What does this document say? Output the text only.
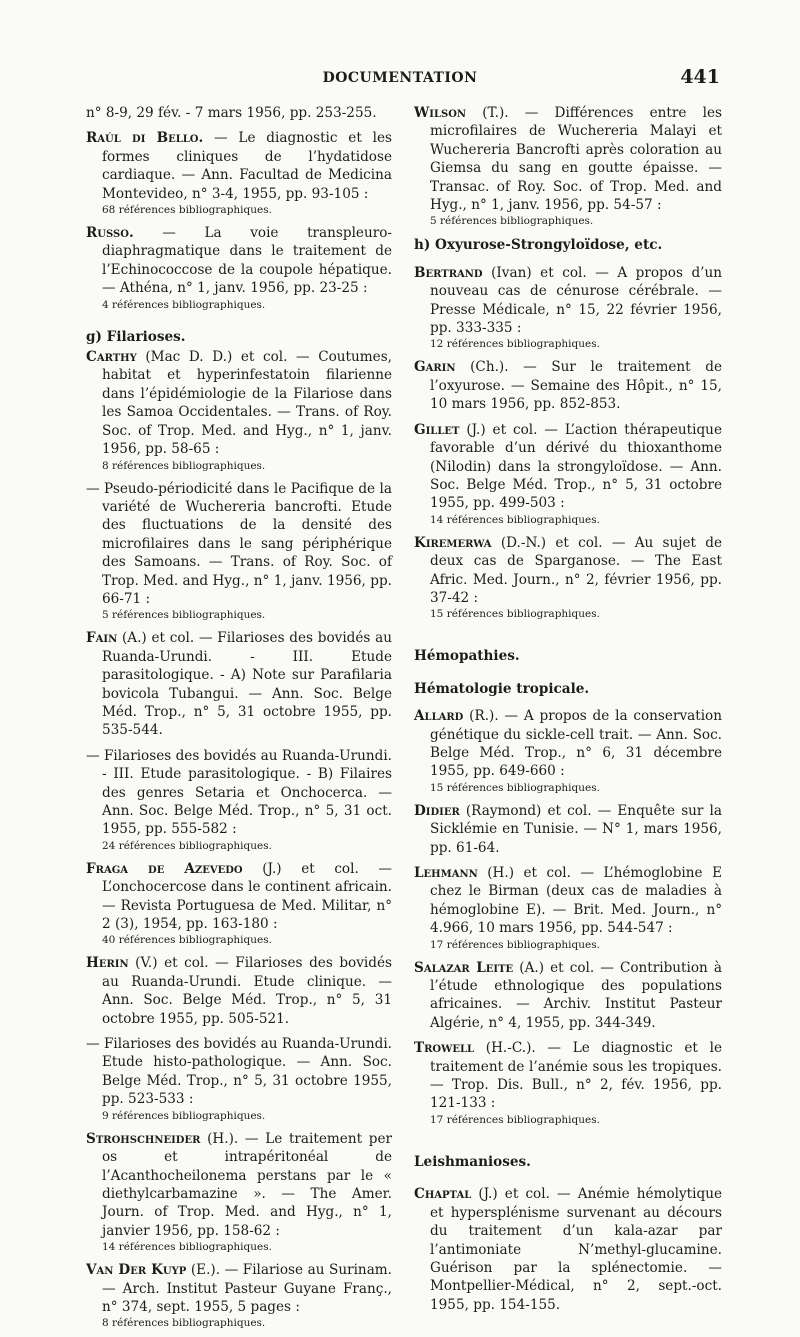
DOCUMENTATION	441
n° 8-9, 29 fév. - 7 mars 1956, pp. 253-255.
Raúl di Bello. — Le diagnostic et les formes cliniques de l’hydatidose cardiaque. — Ann. Facultad de Medicina Montevideo, n° 3-4, 1955, pp. 93-105 :
68 références bibliographiques.
Russo. — La voie transpleuro-diaphragmatique dans le traitement de l’Echinococcose de la coupole hépatique. — Athéna, n° 1, janv. 1956, pp. 23-25 :
4 références bibliographiques.
g) Filarioses.
Carthy (Mac D. D.) et col. — Coutumes, habitat et hyperinfestatoin filarienne dans l’épidémiologie de la Filariose dans les Samoa Occidentales. — Trans. of Roy. Soc. of Trop. Med. and Hyg., n° 1, janv. 1956, pp. 58-65 :
8 références bibliographiques.
— Pseudo-périodicité dans le Pacifique de la variété de Wuchereria bancrofti. Etude des fluctuations de la densité des microfilaires dans le sang périphérique des Samoans. — Trans. of Roy. Soc. of Trop. Med. and Hyg., n° 1, janv. 1956, pp. 66-71 :
5 références bibliographiques.
Fain (A.) et col. — Filarioses des bovidés au Ruanda-Urundi. - III. Etude parasitologique. - A) Note sur Parafilaria bovicola Tubangui. — Ann. Soc. Belge Méd. Trop., n° 5, 31 octobre 1955, pp. 535-544.
— Filarioses des bovidés au Ruanda-Urundi. - III. Etude parasitologique. - B) Filaires des genres Setaria et Onchocerca. — Ann. Soc. Belge Méd. Trop., n° 5, 31 oct. 1955, pp. 555-582 :
24 références bibliographiques.
Fraga de Azevedo (J.) et col. — L’onchocercose dans le continent africain. — Revista Portuguesa de Med. Militar, n° 2 (3), 1954, pp. 163-180 :
40 références bibliographiques.
Herin (V.) et col. — Filarioses des bovidés au Ruanda-Urundi. Etude clinique. — Ann. Soc. Belge Méd. Trop., n° 5, 31 octobre 1955, pp. 505-521.
— Filarioses des bovidés au Ruanda-Urundi. Etude histo-pathologique. — Ann. Soc. Belge Méd. Trop., n° 5, 31 octobre 1955, pp. 523-533 :
9 références bibliographiques.
Strohschneider (H.). — Le traitement per os et intrapéritonéal de l’Acanthocheilonema perstans par le « diethylcarbamazine ». — The Amer. Journ. of Trop. Med. and Hyg., n° 1, janvier 1956, pp. 158-62 :
14 références bibliographiques.
Van Der Kuyp (E.). — Filariose au Surinam. — Arch. Institut Pasteur Guyane Franç., n° 374, sept. 1955, 5 pages :
8 références bibliographiques.
Wilson (T.). — Différences entre les microfilaires de Wuchereria Malayi et Wuchereria Bancrofti après coloration au Giemsa du sang en goutte épaisse. — Transac. of Roy. Soc. of Trop. Med. and Hyg., n° 1, janv. 1956, pp. 54-57 :
5 références bibliographiques.
h) Oxyurose-Strongyloïdose, etc.
Bertrand (Ivan) et col. — A propos d’un nouveau cas de cénurose cérébrale. — Presse Médicale, n° 15, 22 février 1956, pp. 333-335 :
12 références bibliographiques.
Garin (Ch.). — Sur le traitement de l’oxyurose. — Semaine des Hôpit., n° 15, 10 mars 1956, pp. 852-853.
Gillet (J.) et col. — L’action thérapeutique favorable d’un dérivé du thioxanthome (Nilodin) dans la strongyloïdose. — Ann. Soc. Belge Méd. Trop., n° 5, 31 octobre 1955, pp. 499-503 :
14 références bibliographiques.
Kiremerwa (D.-N.) et col. — Au sujet de deux cas de Sparganose. — The East Afric. Med. Journ., n° 2, février 1956, pp. 37-42 :
15 références bibliographiques.
Hémopathies.
Hématologie tropicale.
Allard (R.). — A propos de la conservation génétique du sickle-cell trait. — Ann. Soc. Belge Méd. Trop., n° 6, 31 décembre 1955, pp. 649-660 :
15 références bibliographiques.
Didier (Raymond) et col. — Enquête sur la Sicklémie en Tunisie. — N° 1, mars 1956, pp. 61-64.
Lehmann (H.) et col. — L’hémoglobine E chez le Birman (deux cas de maladies à hémoglobine E). — Brit. Med. Journ., n° 4.966, 10 mars 1956, pp. 544-547 :
17 références bibliographiques.
Salazar Leite (A.) et col. — Contribution à l’étude ethnologique des populations africaines. — Archiv. Institut Pasteur Algérie, n° 4, 1955, pp. 344-349.
Trowell (H.-C.). — Le diagnostic et le traitement de l’anémie sous les tropiques. — Trop. Dis. Bull., n° 2, fév. 1956, pp. 121-133 :
17 références bibliographiques.
Leishmanioses.
Chaptal (J.) et col. — Anémie hémolytique et hypersplénisme survenant au décours du traitement d’un kala-azar par l’antimoniate N’methyl-glucamine. Guérison par la splénectomie. — Montpellier-Médical, n° 2, sept.-oct. 1955, pp. 154-155.
